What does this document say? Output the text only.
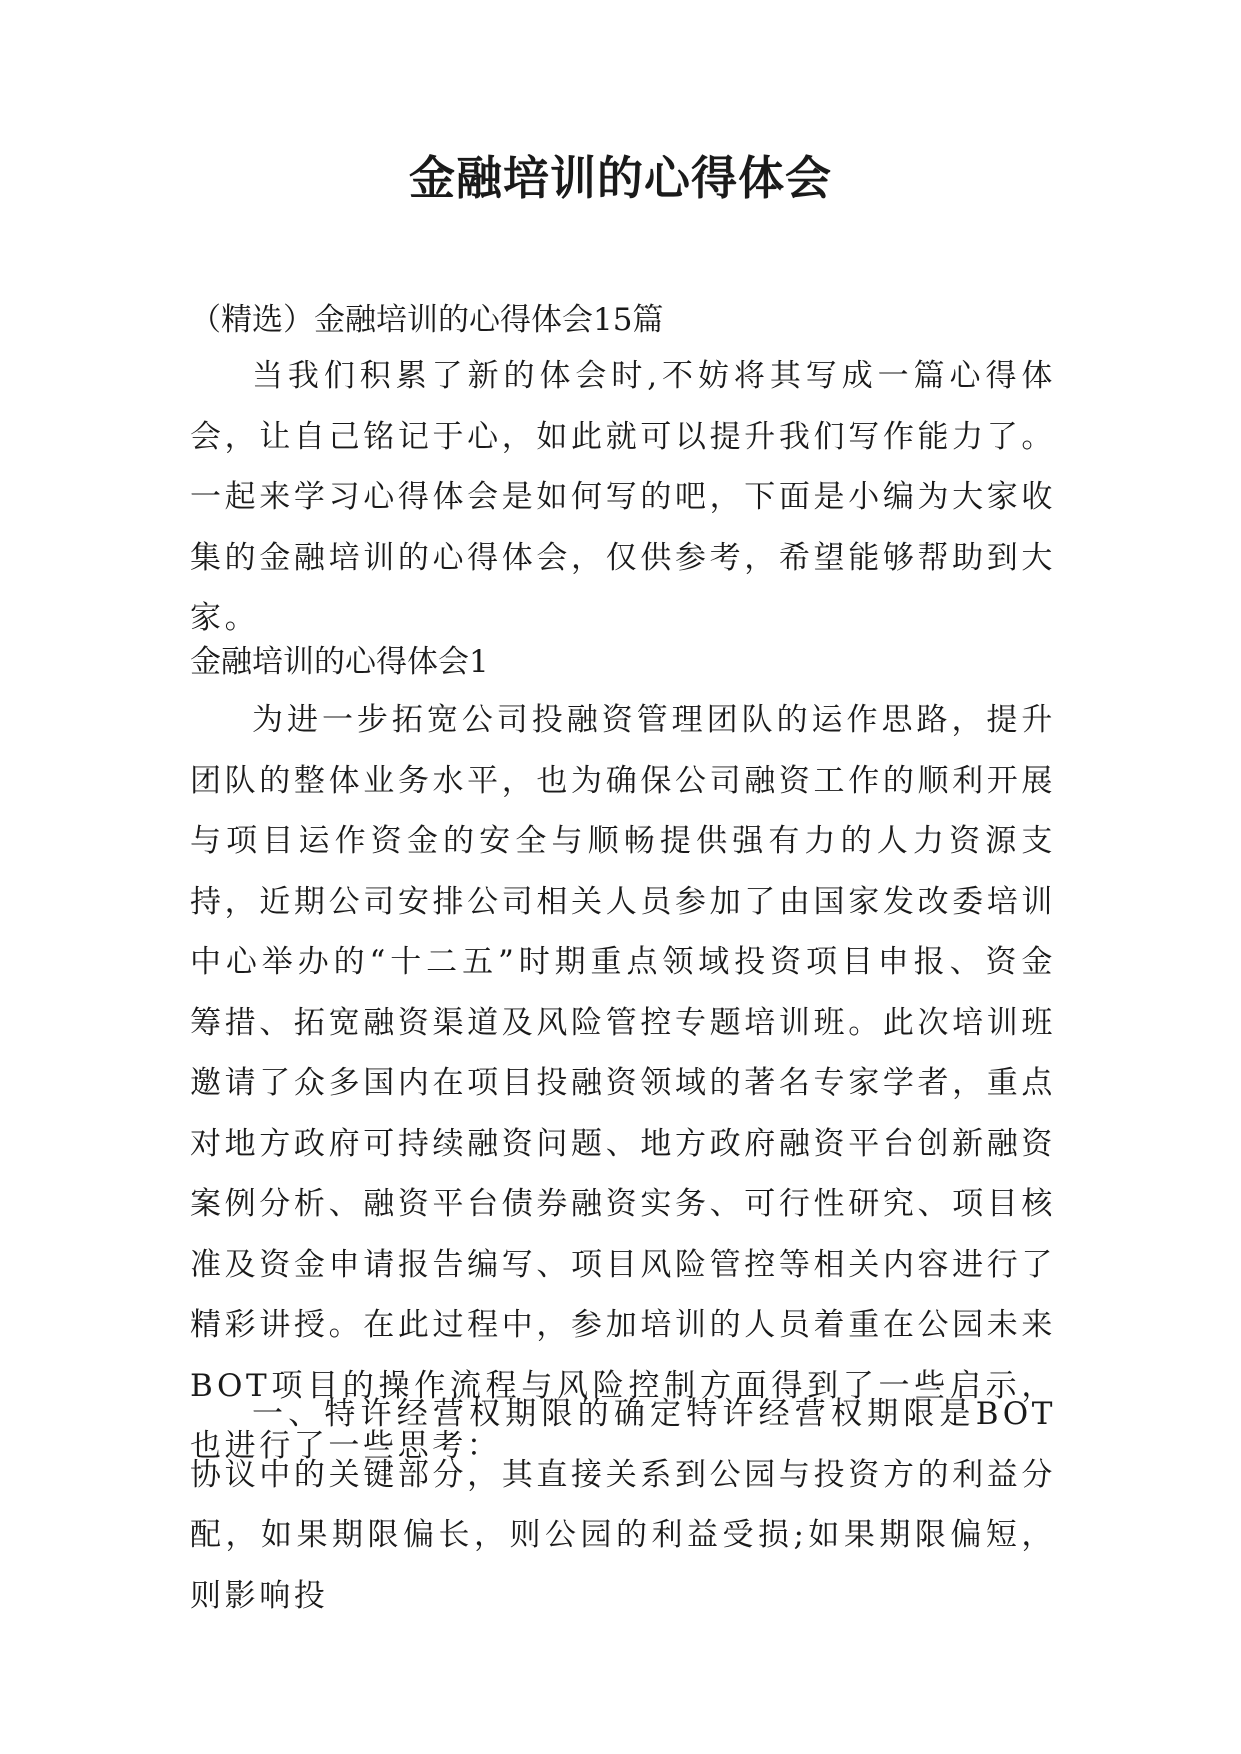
金融培训的心得体会
（精选）金融培训的心得体会15篇
当我们积累了新的体会时,不妨将其写成一篇心得体会，让自己铭记于心，如此就可以提升我们写作能力了。一起来学习心得体会是如何写的吧，下面是小编为大家收集的金融培训的心得体会，仅供参考，希望能够帮助到大家。
金融培训的心得体会1
为进一步拓宽公司投融资管理团队的运作思路，提升团队的整体业务水平，也为确保公司融资工作的顺利开展与项目运作资金的安全与顺畅提供强有力的人力资源支持，近期公司安排公司相关人员参加了由国家发改委培训中心举办的“十二五”时期重点领域投资项目申报、资金筹措、拓宽融资渠道及风险管控专题培训班。此次培训班邀请了众多国内在项目投融资领域的著名专家学者，重点对地方政府可持续融资问题、地方政府融资平台创新融资案例分析、融资平台债券融资实务、可行性研究、项目核准及资金申请报告编写、项目风险管控等相关内容进行了精彩讲授。在此过程中，参加培训的人员着重在公园未来BOT项目的操作流程与风险控制方面得到了一些启示，也进行了一些思考：
一、特许经营权期限的确定特许经营权期限是BOT协议中的关键部分，其直接关系到公园与投资方的利益分配，如果期限偏长，则公园的利益受损;如果期限偏短，则影响投
